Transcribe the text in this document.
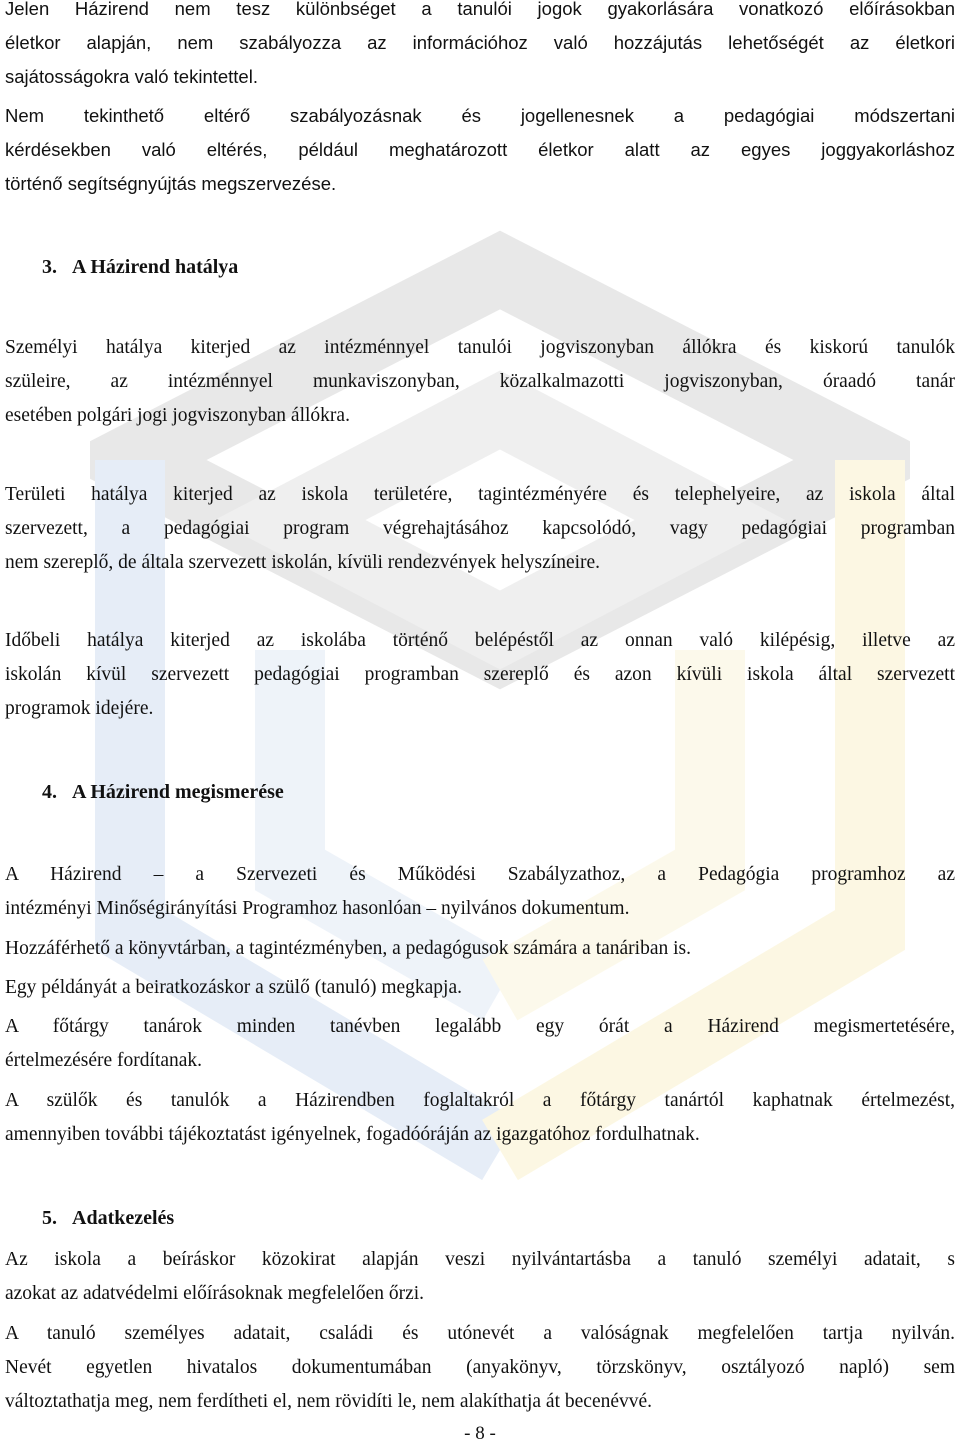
Jelen Házirend nem tesz különbséget a tanulói jogok gyakorlására vonatkozó előírásokban
életkor alapján, nem szabályozza az információhoz való hozzájutás lehetőségét az életkori
sajátosságokra való tekintettel.
Nem tekinthető eltérő szabályozásnak és jogellenesnek a pedagógiai módszertani
kérdésekben való eltérés, például meghatározott életkor alatt az egyes joggyakorláshoz
történő segítségnyújtás megszervezése.
3. A Házirend hatálya
Személyi hatálya kiterjed az intézménnyel tanulói jogviszonyban állókra és kiskorú tanulók
szüleire, az intézménnyel munkaviszonyban, közalkalmazotti jogviszonyban, óraadó tanár
esetében polgári jogi jogviszonyban állókra.
Területi hatálya kiterjed az iskola területére, tagintézményére és telephelyeire, az iskola által
szervezett, a pedagógiai program végrehajtásához kapcsolódó, vagy pedagógiai programban
nem szereplő, de általa szervezett iskolán, kívüli rendezvények helyszíneire.
Időbeli hatálya kiterjed az iskolába történő belépéstől az onnan való kilépésig, illetve az
iskolán kívül szervezett pedagógiai programban szereplő és azon kívüli iskola által szervezett
programok idejére.
4. A Házirend megismerése
A Házirend – a Szervezeti és Működési Szabályzathoz, a Pedagógia programhoz az
intézményi Minőségirányítási Programhoz hasonlóan – nyilvános dokumentum.
Hozzáférhető a könyvtárban, a tagintézményben, a pedagógusok számára a tanáriban is.
Egy példányát a beiratkozáskor a szülő (tanuló) megkapja.
A főtárgy tanárok minden tanévben legalább egy órát a Házirend megismertetésére,
értelmezésére fordítanak.
A szülők és tanulók a Házirendben foglaltakról a főtárgy tanártól kaphatnak értelmezést,
amennyiben további tájékoztatást igényelnek, fogadóóráján az igazgatóhoz fordulhatnak.
5. Adatkezelés
Az iskola a beíráskor közokirat alapján veszi nyilvántartásba a tanuló személyi adatait, s
azokat az adatvédelmi előírásoknak megfelelően őrzi.
A tanuló személyes adatait, családi és utónevét a valóságnak megfelelően tartja nyilván.
Nevét egyetlen hivatalos dokumentumában (anyakönyv, törzskönyv, osztályozó napló) sem
változtathatja meg, nem ferdítheti el, nem rövidíti le, nem alakíthatja át becenévvé.
- 8 -
